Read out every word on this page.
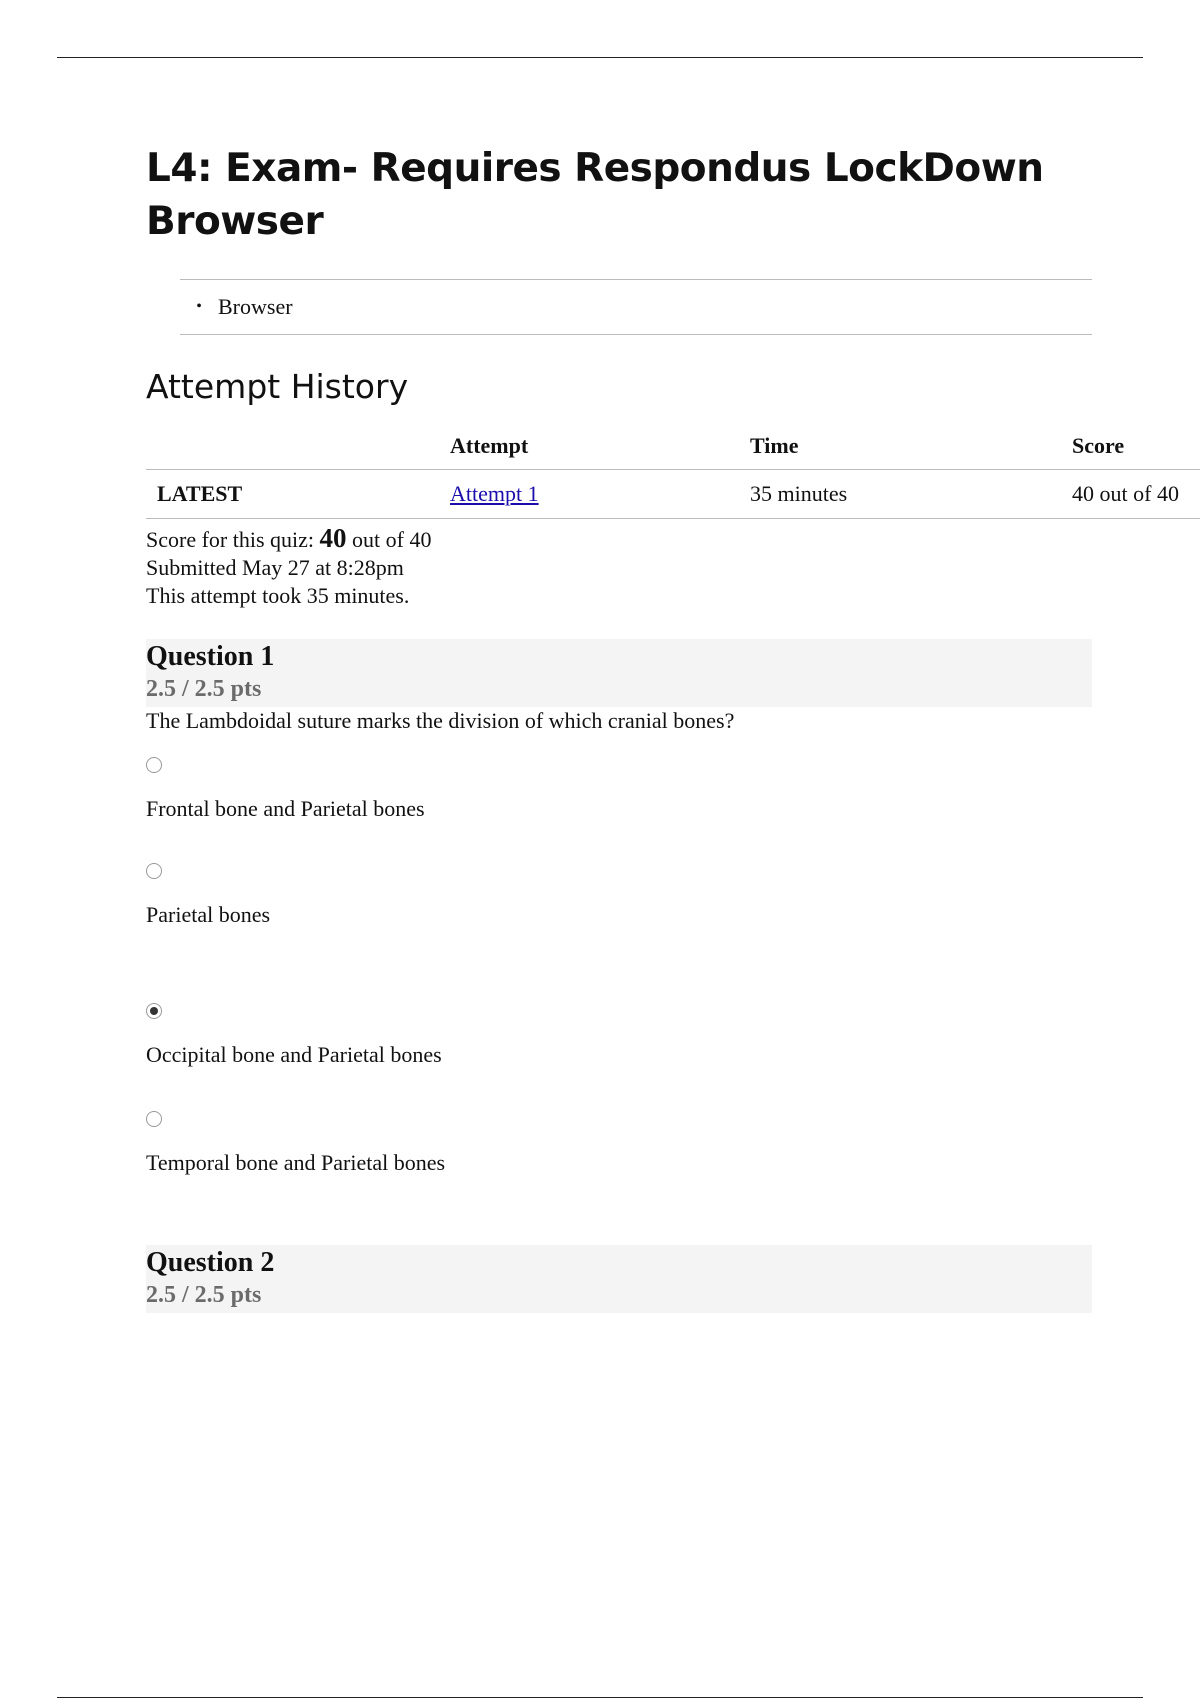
L4: Exam- Requires Respondus LockDown Browser
• Browser
Attempt History
	Attempt	Time	Score
LATEST	Attempt 1	35 minutes	40 out of 40
Score for this quiz: 40 out of 40
Submitted May 27 at 8:28pm
This attempt took 35 minutes.
Question 1
2.5 / 2.5 pts
The Lambdoidal suture marks the division of which cranial bones?
Frontal bone and Parietal bones
Parietal bones
Occipital bone and Parietal bones
Temporal bone and Parietal bones
Question 2
2.5 / 2.5 pts
